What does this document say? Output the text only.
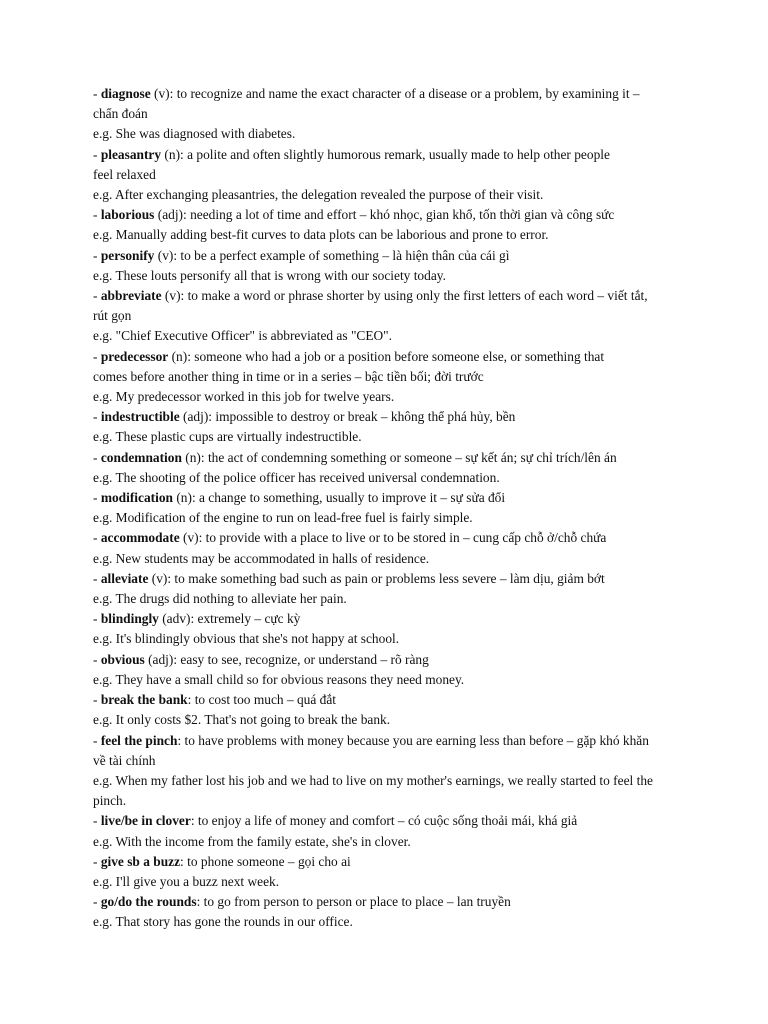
- diagnose (v): to recognize and name the exact character of a disease or a problem, by examining it –
chẩn đoán
e.g. She was diagnosed with diabetes.
- pleasantry (n): a polite and often slightly humorous remark, usually made to help other people
feel relaxed
e.g. After exchanging pleasantries, the delegation revealed the purpose of their visit.
- laborious (adj): needing a lot of time and effort – khó nhọc, gian khổ, tốn thời gian và công sức
e.g. Manually adding best-fit curves to data plots can be laborious and prone to error.
- personify (v): to be a perfect example of something – là hiện thân của cái gì
e.g. These louts personify all that is wrong with our society today.
- abbreviate (v): to make a word or phrase shorter by using only the first letters of each word – viết tắt,
rút gọn
e.g. "Chief Executive Officer" is abbreviated as "CEO".
- predecessor (n): someone who had a job or a position before someone else, or something that
comes before another thing in time or in a series – bậc tiền bối; đời trước
e.g. My predecessor worked in this job for twelve years.
- indestructible (adj): impossible to destroy or break – không thể phá hủy, bền
e.g. These plastic cups are virtually indestructible.
- condemnation (n): the act of condemning something or someone – sự kết án; sự chỉ trích/lên án
e.g. The shooting of the police officer has received universal condemnation.
- modification (n): a change to something, usually to improve it – sự sửa đổi
e.g. Modification of the engine to run on lead-free fuel is fairly simple.
- accommodate (v): to provide with a place to live or to be stored in – cung cấp chỗ ở/chỗ chứa
e.g. New students may be accommodated in halls of residence.
- alleviate (v): to make something bad such as pain or problems less severe – làm dịu, giảm bớt
e.g. The drugs did nothing to alleviate her pain.
- blindingly (adv): extremely – cực kỳ
e.g. It's blindingly obvious that she's not happy at school.
- obvious (adj): easy to see, recognize, or understand – rõ ràng
e.g. They have a small child so for obvious reasons they need money.
- break the bank: to cost too much – quá đắt
e.g. It only costs $2. That's not going to break the bank.
- feel the pinch: to have problems with money because you are earning less than before – gặp khó khăn
về tài chính
e.g. When my father lost his job and we had to live on my mother's earnings, we really started to feel the
pinch.
- live/be in clover: to enjoy a life of money and comfort – có cuộc sống thoải mái, khá giả
e.g. With the income from the family estate, she's in clover.
- give sb a buzz: to phone someone – gọi cho ai
e.g. I'll give you a buzz next week.
- go/do the rounds: to go from person to person or place to place – lan truyền
e.g. That story has gone the rounds in our office.
